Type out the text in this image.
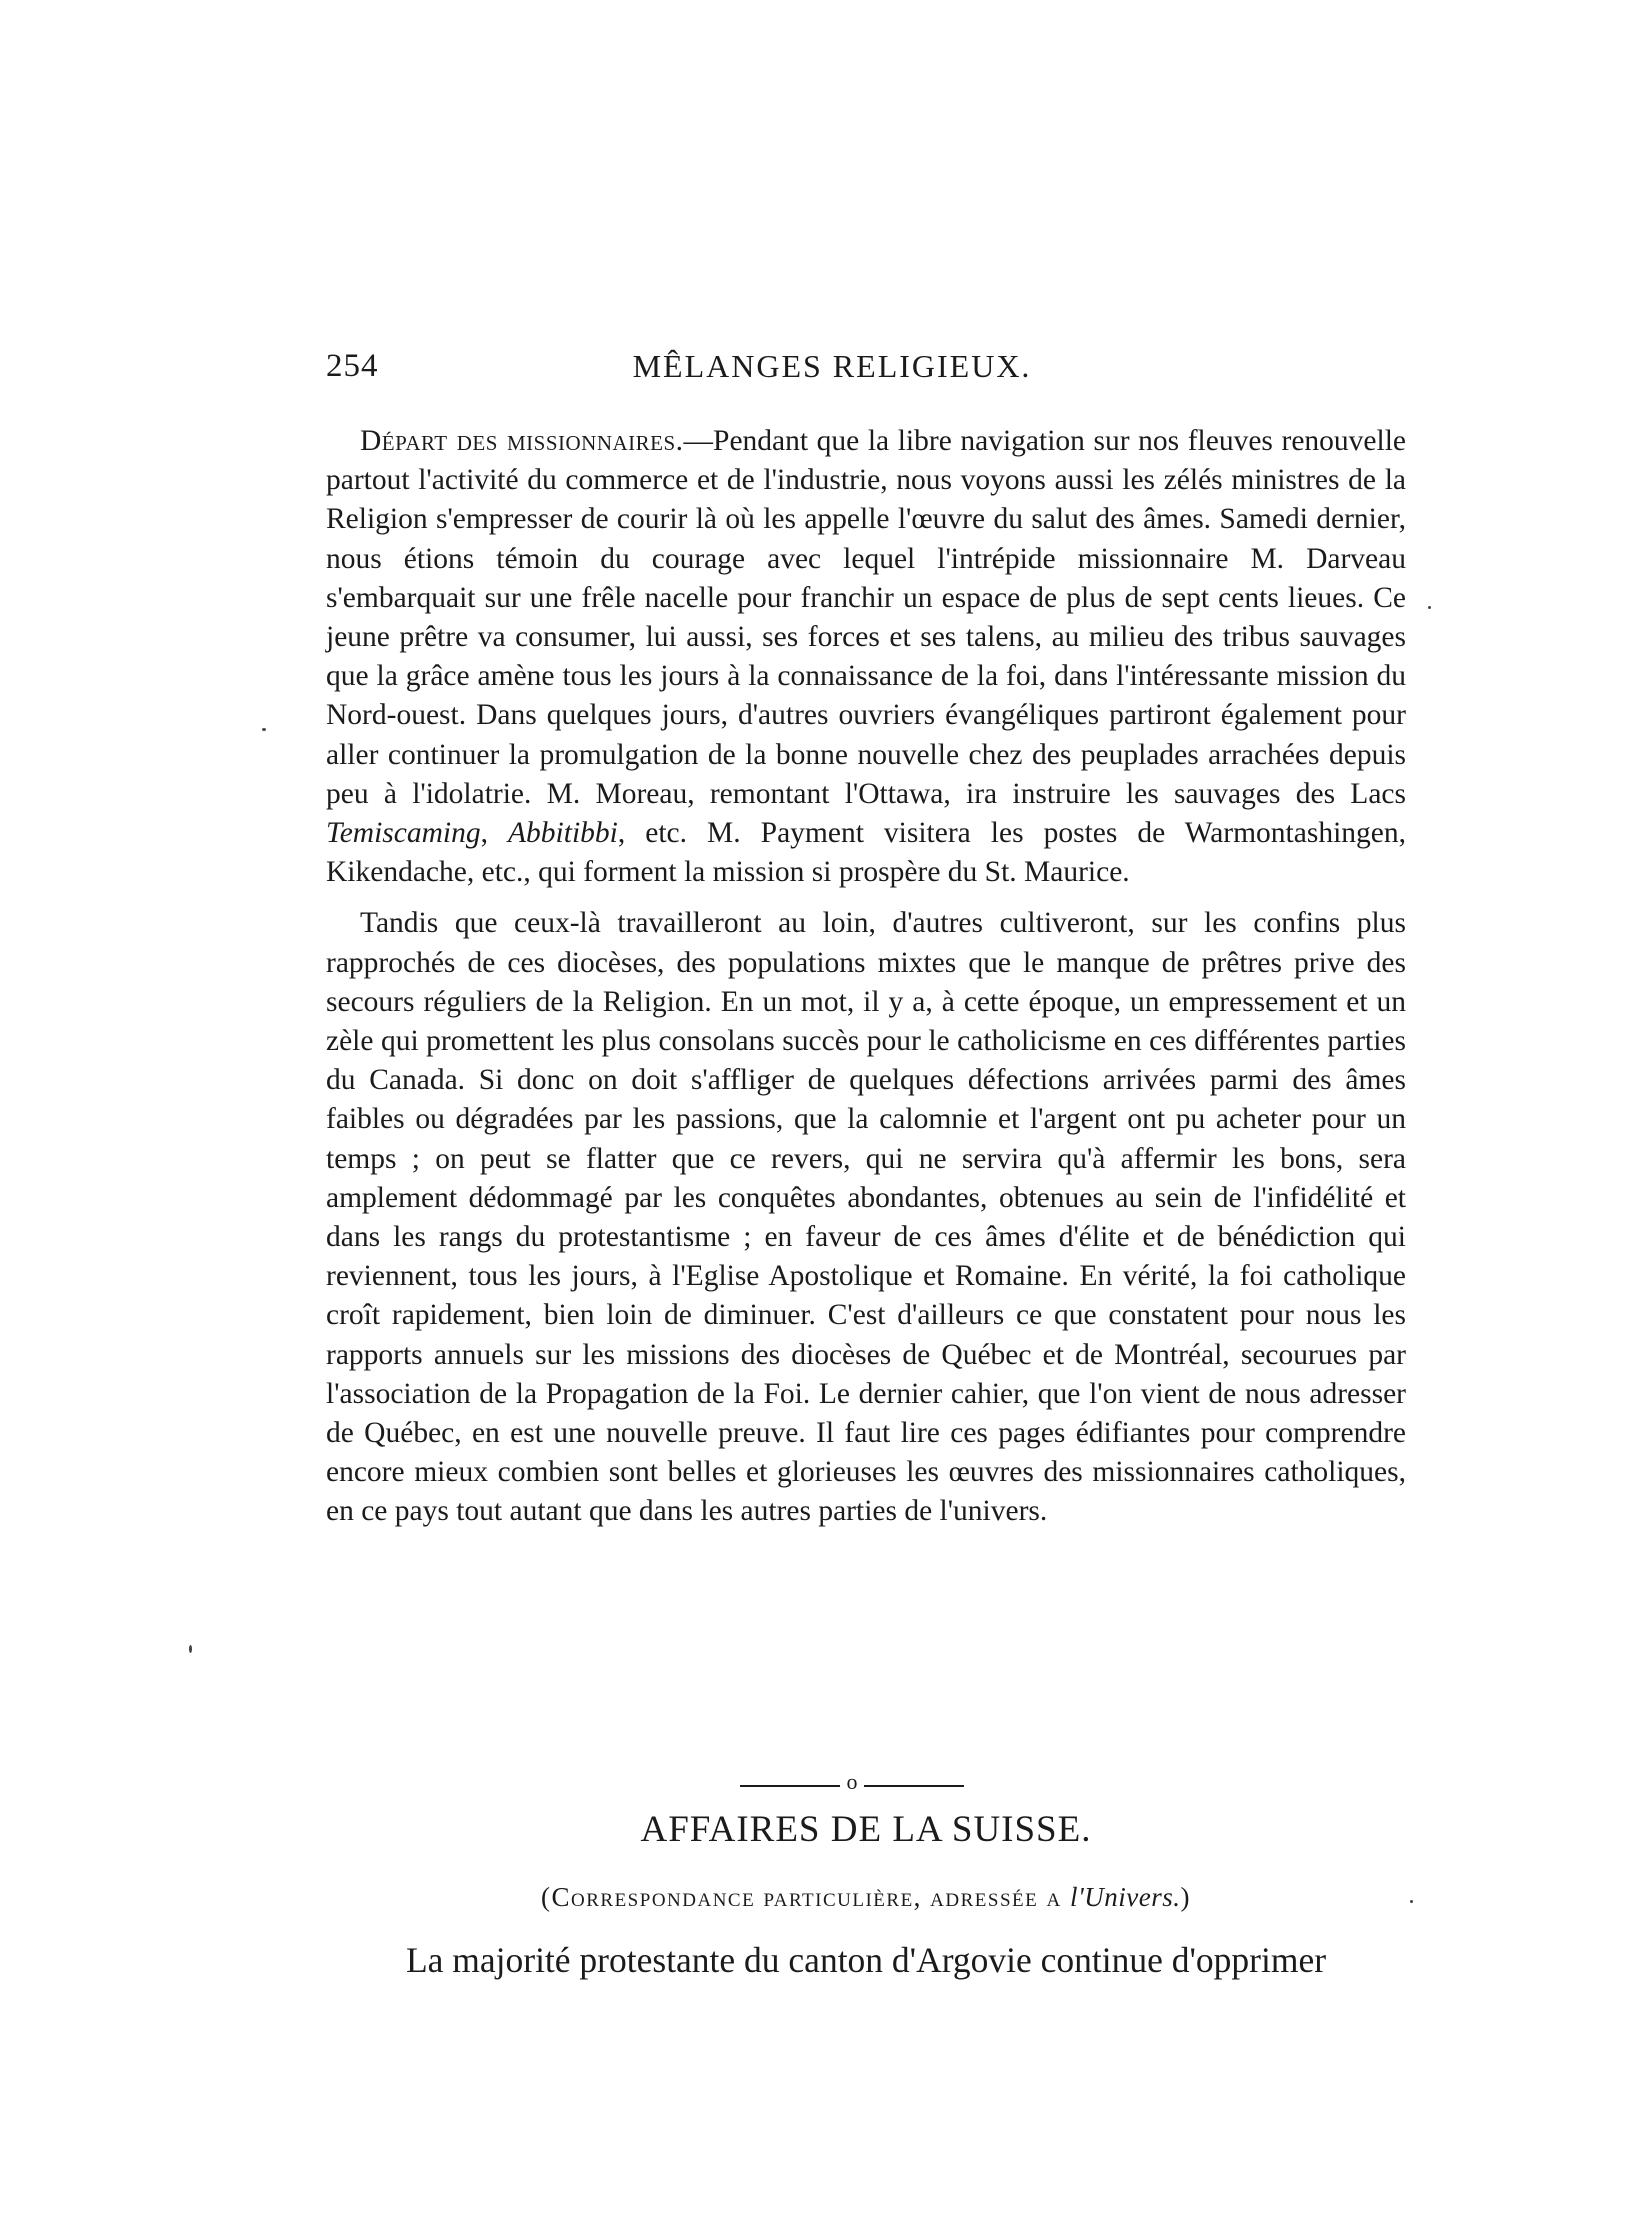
254	MÊLANGES RELIGIEUX.

Départ des missionnaires.—Pendant que la libre navigation sur nos fleuves renouvelle partout l'activité du commerce et de l'industrie, nous voyons aussi les zélés ministres de la Religion s'empresser de courir là où les appelle l'œuvre du salut des âmes. Samedi dernier, nous étions témoin du courage avec lequel l'intrépide missionnaire M. Darveau s'embarquait sur une frêle nacelle pour franchir un espace de plus de sept cents lieues. Ce jeune prêtre va consumer, lui aussi, ses forces et ses talens, au milieu des tribus sauvages que la grâce amène tous les jours à la connaissance de la foi, dans l'intéressante mission du Nord-ouest. Dans quelques jours, d'autres ouvriers évangéliques partiront également pour aller continuer la promulgation de la bonne nouvelle chez des peuplades arrachées depuis peu à l'idolatrie. M. Moreau, remontant l'Ottawa, ira instruire les sauvages des Lacs Temiscaming, Abbitibbi, etc. M. Payment visitera les postes de Warmontashingen, Kikendache, etc., qui forment la mission si prospère du St. Maurice.

Tandis que ceux-là travailleront au loin, d'autres cultiveront, sur les confins plus rapprochés de ces diocèses, des populations mixtes que le manque de prêtres prive des secours réguliers de la Religion. En un mot, il y a, à cette époque, un empressement et un zèle qui promettent les plus consolans succès pour le catholicisme en ces différentes parties du Canada. Si donc on doit s'affliger de quelques défections arrivées parmi des âmes faibles ou dégradées par les passions, que la calomnie et l'argent ont pu acheter pour un temps ; on peut se flatter que ce revers, qui ne servira qu'à affermir les bons, sera amplement dédommagé par les conquêtes abondantes, obtenues au sein de l'infidélité et dans les rangs du protestantisme ; en faveur de ces âmes d'élite et de bénédiction qui reviennent, tous les jours, à l'Eglise Apostolique et Romaine. En vérité, la foi catholique croît rapidement, bien loin de diminuer. C'est d'ailleurs ce que constatent pour nous les rapports annuels sur les missions des diocèses de Québec et de Montréal, secourues par l'association de la Propagation de la Foi. Le dernier cahier, que l'on vient de nous adresser de Québec, en est une nouvelle preuve. Il faut lire ces pages édifiantes pour comprendre encore mieux combien sont belles et glorieuses les œuvres des missionnaires catholiques, en ce pays tout autant que dans les autres parties de l'univers.

o
AFFAIRES DE LA SUISSE.
(Correspondance particulière, adressée a l'Univers.)
La majorité protestante du canton d'Argovie continue d'opprimer
